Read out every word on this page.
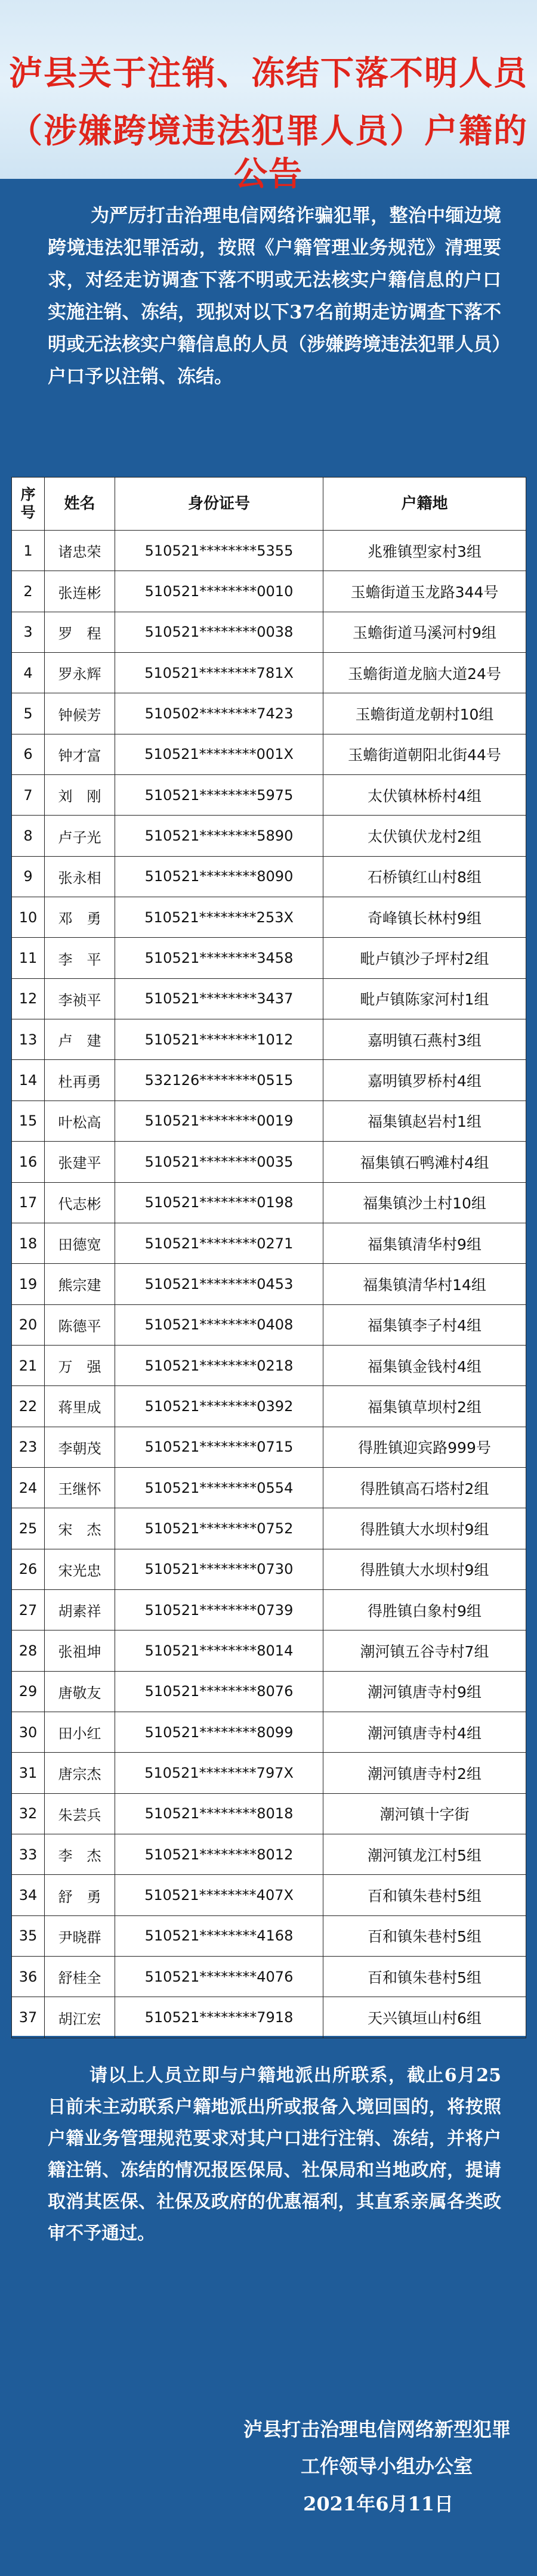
泸县关于注销、冻结下落不明人员
（涉嫌跨境违法犯罪人员）户籍的公告
为严厉打击治理电信网络诈骗犯罪，整治中缅边境跨境违法犯罪活动，按照《户籍管理业务规范》清理要求，对经走访调查下落不明或无法核实户籍信息的户口实施注销、冻结，现拟对以下37名前期走访调查下落不明或无法核实户籍信息的人员（涉嫌跨境违法犯罪人员）户口予以注销、冻结。
序号	姓名	身份证号	户籍地
1	诸忠荣	510521********5355	兆雅镇型家村3组
2	张连彬	510521********0010	玉蟾街道玉龙路344号
3	罗　程	510521********0038	玉蟾街道马溪河村9组
4	罗永辉	510521********781X	玉蟾街道龙脑大道24号
5	钟候芳	510502********7423	玉蟾街道龙朝村10组
6	钟才富	510521********001X	玉蟾街道朝阳北街44号
7	刘　刚	510521********5975	太伏镇林桥村4组
8	卢子光	510521********5890	太伏镇伏龙村2组
9	张永相	510521********8090	石桥镇红山村8组
10	邓　勇	510521********253X	奇峰镇长林村9组
11	李　平	510521********3458	毗卢镇沙子坪村2组
12	李祯平	510521********3437	毗卢镇陈家河村1组
13	卢　建	510521********1012	嘉明镇石燕村3组
14	杜再勇	532126********0515	嘉明镇罗桥村4组
15	叶松高	510521********0019	福集镇赵岩村1组
16	张建平	510521********0035	福集镇石鸭滩村4组
17	代志彬	510521********0198	福集镇沙土村10组
18	田德宽	510521********0271	福集镇清华村9组
19	熊宗建	510521********0453	福集镇清华村14组
20	陈德平	510521********0408	福集镇李子村4组
21	万　强	510521********0218	福集镇金钱村4组
22	蒋里成	510521********0392	福集镇草坝村2组
23	李朝茂	510521********0715	得胜镇迎宾路999号
24	王继怀	510521********0554	得胜镇高石塔村2组
25	宋　杰	510521********0752	得胜镇大水坝村9组
26	宋光忠	510521********0730	得胜镇大水坝村9组
27	胡素祥	510521********0739	得胜镇白象村9组
28	张祖坤	510521********8014	潮河镇五谷寺村7组
29	唐敬友	510521********8076	潮河镇唐寺村9组
30	田小红	510521********8099	潮河镇唐寺村4组
31	唐宗杰	510521********797X	潮河镇唐寺村2组
32	朱芸兵	510521********8018	潮河镇十字街
33	李　杰	510521********8012	潮河镇龙江村5组
34	舒　勇	510521********407X	百和镇朱巷村5组
35	尹晓群	510521********4168	百和镇朱巷村5组
36	舒桂全	510521********4076	百和镇朱巷村5组
37	胡江宏	510521********7918	天兴镇垣山村6组
请以上人员立即与户籍地派出所联系，截止6月25日前未主动联系户籍地派出所或报备入境回国的，将按照户籍业务管理规范要求对其户口进行注销、冻结，并将户籍注销、冻结的情况报医保局、社保局和当地政府，提请取消其医保、社保及政府的优惠福利，其直系亲属各类政审不予通过。
泸县打击治理电信网络新型犯罪
工作领导小组办公室
2021年6月11日
